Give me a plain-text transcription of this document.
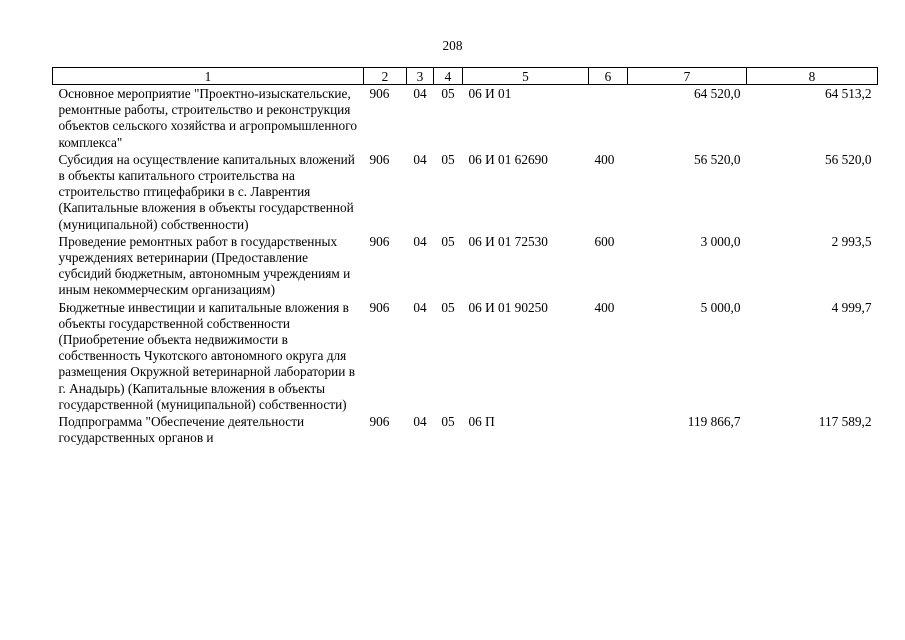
208
1	2	3	4	5	6	7	8
Основное мероприятие "Проектно-изыскательские, ремонтные работы, строительство и реконструкция объектов сельского хозяйства и агропромышленного комплекса"	906	04	05	06 И 01		64 520,0	64 513,2
Субсидия на осуществление капитальных вложений в объекты капитального строительства на строительство птицефабрики в с. Лаврентия (Капитальные вложения в объекты государственной (муниципальной) собственности)	906	04	05	06 И 01 62690	400	56 520,0	56 520,0
Проведение ремонтных работ в государственных учреждениях ветеринарии (Предоставление субсидий бюджетным, автономным учреждениям и иным некоммерческим организациям)	906	04	05	06 И 01 72530	600	3 000,0	2 993,5
Бюджетные инвестиции и капитальные вложения в объекты государственной собственности (Приобретение объекта недвижимости в собственность Чукотского автономного округа для размещения Окружной ветеринарной лаборатории в г. Анадырь) (Капитальные вложения в объекты государственной (муниципальной) собственности)	906	04	05	06 И 01 90250	400	5 000,0	4 999,7
Подпрограмма "Обеспечение деятельности государственных органов и	906	04	05	06 П		119 866,7	117 589,2
